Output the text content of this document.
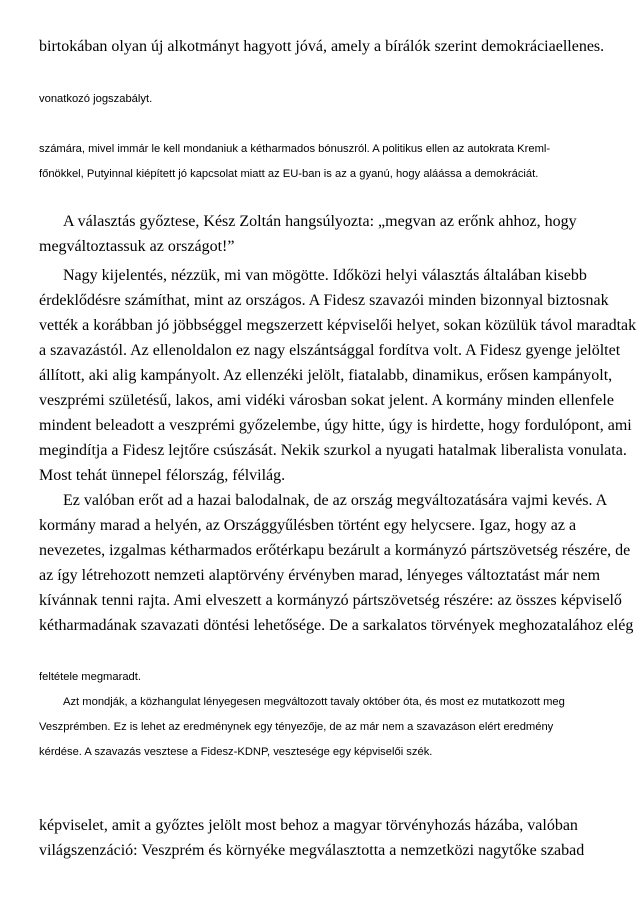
birtokában olyan új alkotmányt hagyott jóvá, amely a bírálók szerint demokráciaellenes.
vonatkozó jogszabályt.
számára, mivel immár le kell mondaniuk a kétharmados bónuszról. A politikus ellen az autokrata Kreml-
főnökkel, Putyinnal kiépített jó kapcsolat miatt az EU-ban is az a gyanú, hogy aláássa a demokráciát.
A választás győztese, Kész Zoltán hangsúlyozta: „megvan az erőnk ahhoz, hogy
megváltoztassuk az országot!”
Nagy kijelentés, nézzük, mi van mögötte. Időközi helyi választás általában kisebb
érdeklődésre számíthat, mint az országos. A Fidesz szavazói minden bizonnyal biztosnak
vették a korábban jó jöbbséggel megszerzett képviselői helyet, sokan közülük távol maradtak
a szavazástól. Az ellenoldalon ez nagy elszántsággal fordítva volt. A Fidesz gyenge jelöltet
állított, aki alig kampányolt. Az ellenzéki jelölt, fiatalabb, dinamikus, erősen kampányolt,
veszprémi születésű, lakos, ami vidéki városban sokat jelent. A kormány minden ellenfele
mindent beleadott a veszprémi győzelembe, úgy hitte, úgy is hirdette, hogy fordulópont, ami
megindítja a Fidesz lejtőre csúszását. Nekik szurkol a nyugati hatalmak liberalista vonulata.
Most tehát ünnepel félország, félvilág.
Ez valóban erőt ad a hazai balodalnak, de az ország megváltozatására vajmi kevés. A
kormány marad a helyén, az Országgyűlésben történt egy helycsere. Igaz, hogy az a
nevezetes, izgalmas kétharmados erőtérkapu bezárult a kormányzó pártszövetség részére, de
az így létrehozott nemzeti alaptörvény érvényben marad, lényeges változtatást már nem
kívánnak tenni rajta. Ami elveszett a kormányzó pártszövetség részére: az összes képviselő
kétharmadának szavazati döntési lehetősége. De a sarkalatos törvények meghozatalához elég
feltétele megmaradt.
Azt mondják, a közhangulat lényegesen megváltozott tavaly október óta, és most ez mutatkozott meg
Veszprémben. Ez is lehet az eredménynek egy tényezője, de az már nem a szavazáson elért eredmény
kérdése. A szavazás vesztese a Fidesz-KDNP, vesztesége egy képviselői szék.
képviselet, amit a győztes jelölt most behoz a magyar törvényhozás házába, valóban
világszenzáció: Veszprém és környéke megválasztotta a nemzetközi nagytőke szabad
